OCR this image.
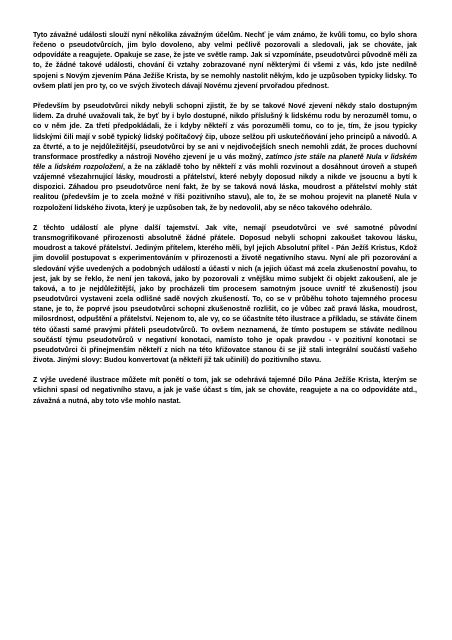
Tyto závažné události slouží nyní několika závažným účelům. Nechť je vám známo, že kvůli tomu, co bylo shora řečeno o pseudotvůrcích, jim bylo dovoleno, aby velmi pečlivě pozorovali a sledovali, jak se chováte, jak odpovídáte a reagujete. Opakuje se zase, že jste ve světle ramp. Jak si vzpomínáte, pseudotvůrci původně měli za to, že žádné takové události, chování či vztahy zobrazované nyní některými či všemi z vás, kdo jste nedílně spojeni s Novým zjevením Pána Ježíše Krista, by se nemohly nastolit někým, kdo je uzpůsoben typicky lidsky. To ovšem platí jen pro ty, co ve svých životech dávají Novému zjevení prvořadou přednost.

Především by pseudotvůrci nikdy nebyli schopni zjistit, že by se takové Nové zjevení někdy stalo dostupným lidem. Za druhé uvažovali tak, že byť by i bylo dostupné, nikdo příslušný k lidskému rodu by nerozuměl tomu, o co v něm jde. Za třetí předpokládali, že i kdyby někteří z vás porozuměli tomu, co to je, tím, že jsou typicky lidskými čili mají v sobě typický lidský počítačový čip, uboze selžou při uskutečňování jeho principů a návodů. A za čtvrté, a to je nejdůležitější, pseudotvůrci by se ani v nejdivočejších snech nemohli zdát, že proces duchovní transformace prostředky a nástroji Nového zjevení je u vás možný, zatímco jste stále na planetě Nula v lidském těle a lidském rozpoložení, a že na základě toho by někteří z vás mohli rozvinout a dosáhnout úroveň a stupeň vzájemné všezahrnující lásky, moudrosti a přátelství, které nebyly doposud nikdy a nikde ve jsoucnu a bytí k dispozici. Záhadou pro pseudotvůrce není fakt, že by se taková nová láska, moudrost a přátelství mohly stát realitou (především je to zcela možné v říši pozitivního stavu), ale to, že se mohou projevit na planetě Nula v rozpoložení lidského života, který je uzpůsoben tak, že by nedovolil, aby se něco takového odehrálo.

Z těchto událostí ale plyne další tajemství. Jak víte, nemají pseudotvůrci ve své samotné původní transmogrifikované přirozenosti absolutně žádné přátele. Doposud nebyli schopni zakoušet takovou lásku, moudrost a takové přátelství. Jediným přítelem, kterého měli, byl jejich Absolutní přítel - Pán Ježíš Kristus, Kdož jim dovolil postupovat s experimentováním v přirozenosti a životě negativního stavu. Nyní ale při pozorování a sledování výše uvedených a podobných událostí a účastí v nich (a jejich účast má zcela zkušenostní povahu, to jest, jak by se řeklo, že není jen taková, jako by pozorovali z vnějšku mimo subjekt či objekt zakoušení, ale je taková, a to je nejdůležitější, jako by procházeli tím procesem samotným jsouce uvnitř té zkušenosti) jsou pseudotvůrci vystaveni zcela odlišné sadě nových zkušeností. To, co se v průběhu tohoto tajemného procesu stane, je to, že poprvé jsou pseudotvůrci schopni zkušenostně rozlišit, co je vůbec zač pravá láska, moudrost, milosrdnost, odpuštění a přátelství. Nejenom to, ale vy, co se účastníte této ilustrace a příkladu, se stáváte činem této účasti samé pravými přáteli pseudotvůrců. To ovšem neznamená, že tímto postupem se stáváte nedílnou součástí týmu pseudotvůrců v negativní konotaci, namísto toho je opak pravdou - v pozitivní konotaci se pseudotvůrci či přinejmenším někteří z nich na této křižovatce stanou či se již stali integrální součástí vašeho života. Jinými slovy: Budou konvertovat (a někteří již tak učinili) do pozitivního stavu.

Z výše uvedené ilustrace můžete mít ponětí o tom, jak se odehrává tajemné Dílo Pána Ježíše Krista, kterým se všichni spasí od negativního stavu, a jak je vaše účast s tím, jak se chováte, reagujete a na co odpovídáte atd., závažná a nutná, aby toto vše mohlo nastat.
